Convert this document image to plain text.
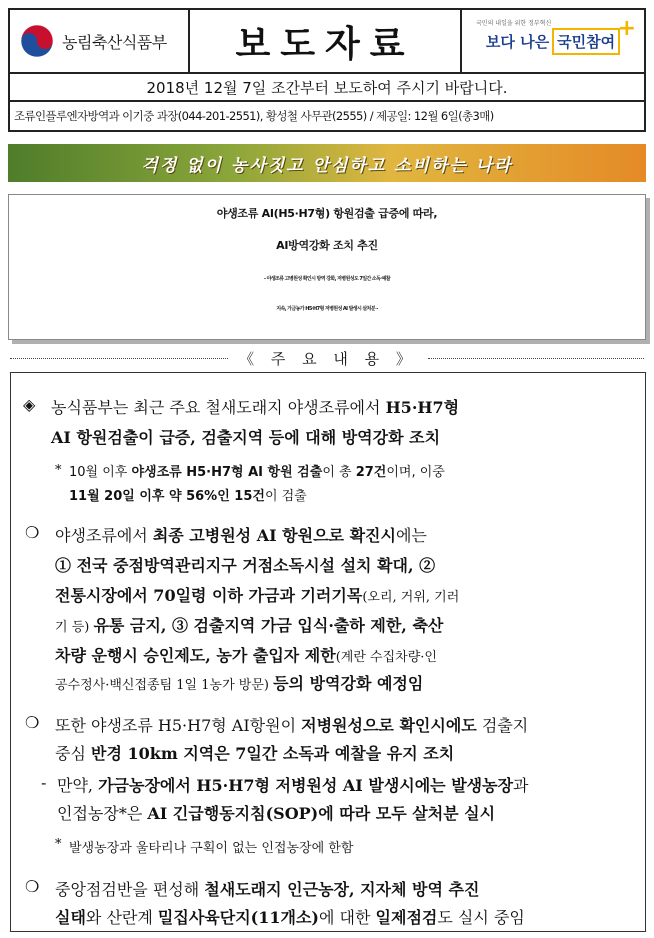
농림축산식품부 보도자료	국민의 내일을 위한 정부혁신	+
보다 나은 국민참여
2018년 12월 7일 조간부터 보도하여 주시기 바랍니다.
조류인플루엔자방역과 이기중 과장(044-201-2551), 황성철 사무관(2555) / 제공일: 12월 6일(총3매)
걱정 없이 농사짓고 안심하고 소비하는 나라
야생조류 AI(H5·H7형) 항원검출 급증에 따라,
AI방역강화 조치 추진
- 야생조류 고병원성 확인시 방역 강화, 저병원성도 7일간 소독·예찰
지속, 가금농가 H5·H7형 저병원성 AI 발생시 살처분 -
《 주 요 내 용 》
◈ 농식품부는 최근 주요 철새도래지 야생조류에서 H5·H7형
AI 항원검출이 급증, 검출지역 등에 대해 방역강화 조치
* 10월 이후 야생조류 H5·H7형 AI 항원 검출이 총 27건이며, 이중
11월 20일 이후 약 56%인 15건이 검출
❍ 야생조류에서 최종 고병원성 AI 항원으로 확진시에는
① 전국 중점방역관리지구 거점소독시설 설치 확대, ②
전통시장에서 70일령 이하 가금과 기러기목(오리, 거위, 기러
기 등) 유통 금지, ③ 검출지역 가금 입식·출하 제한, 축산
차량 운행시 승인제도, 농가 출입자 제한(계란 수집차량·인
공수정사·백신접종팀 1일 1농가 방문) 등의 방역강화 예정임
❍ 또한 야생조류 H5·H7형 AI항원이 저병원성으로 확인시에도 검출지
중심 반경 10km 지역은 7일간 소독과 예찰을 유지 조치
- 만약, 가금농장에서 H5·H7형 저병원성 AI 발생시에는 발생농장과
인접농장*은 AI 긴급행동지침(SOP)에 따라 모두 살처분 실시
* 발생농장과 울타리나 구획이 없는 인접농장에 한함
❍ 중앙점검반을 편성해 철새도래지 인근농장, 지자체 방역 추진
실태와 산란계 밀집사육단지(11개소)에 대한 일제점검도 실시 중임
